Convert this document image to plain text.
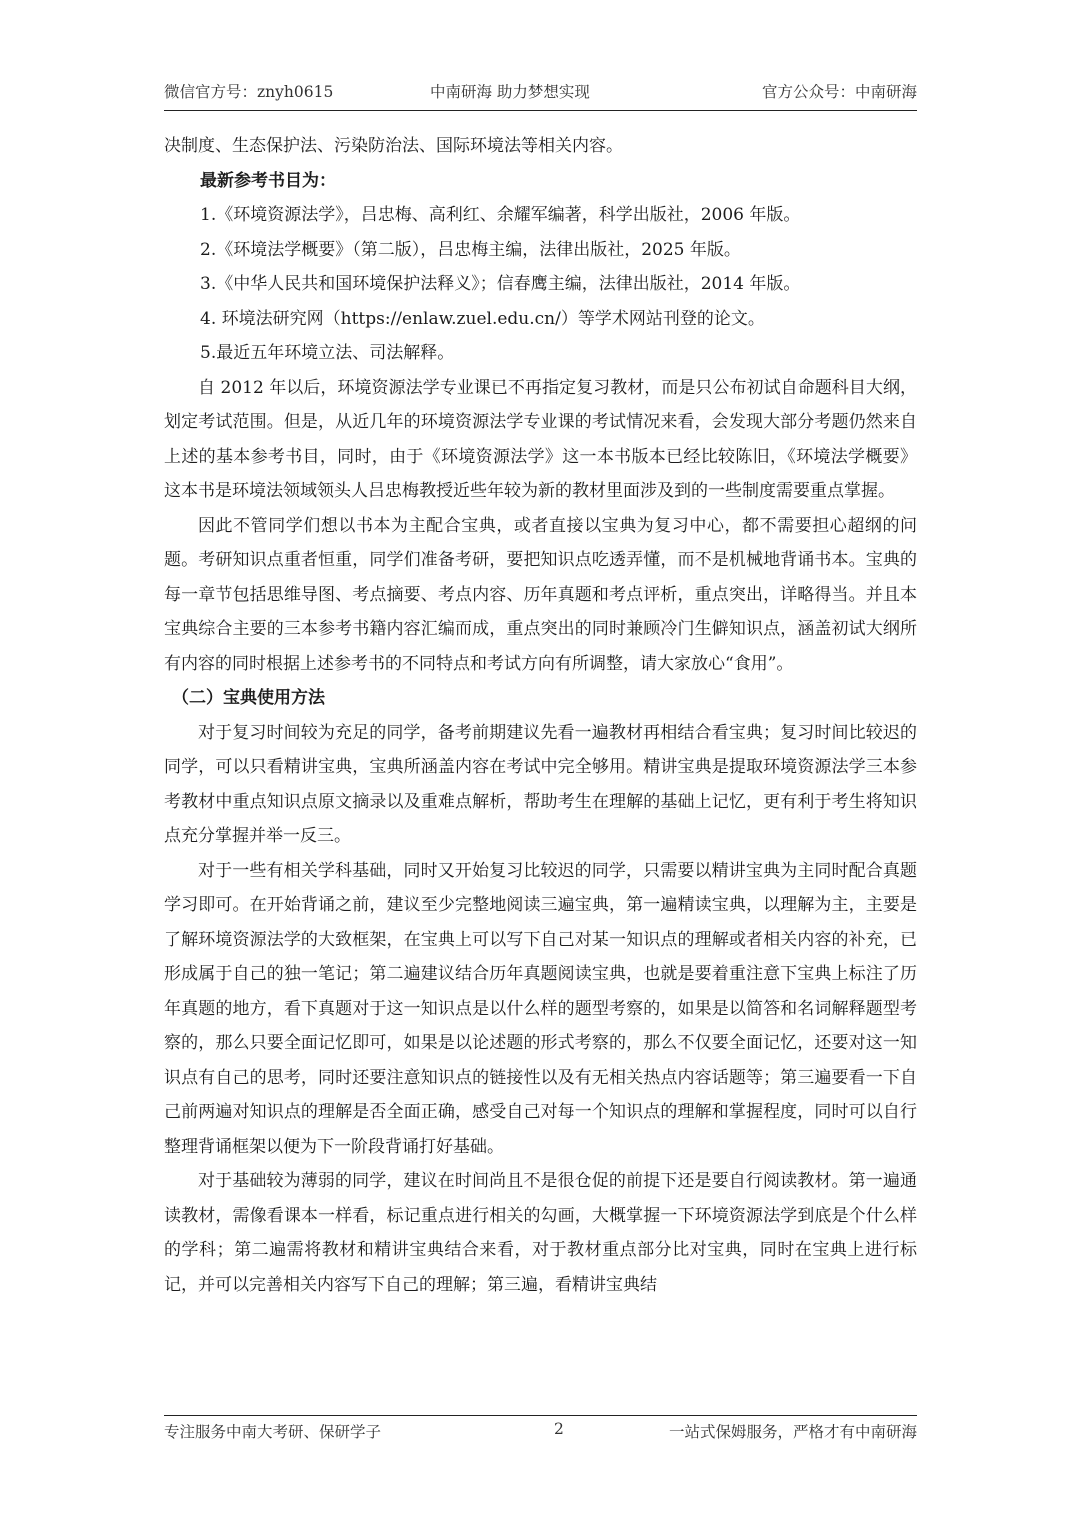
微信官方号：znyh0615	中南研海 助力梦想实现	官方公众号：中南研海

决制度、生态保护法、污染防治法、国际环境法等相关内容。

最新参考书目为：

1.《环境资源法学》，吕忠梅、高利红、余耀军编著，科学出版社，2006 年版。

2.《环境法学概要》（第二版），吕忠梅主编，法律出版社，2025 年版。

3.《中华人民共和国环境保护法释义》；信春鹰主编，法律出版社，2014 年版。

4. 环境法研究网（https://enlaw.zuel.edu.cn/）等学术网站刊登的论文。

5.最近五年环境立法、司法解释。

自 2012 年以后，环境资源法学专业课已不再指定复习教材，而是只公布初试自命题科目大纲，划定考试范围。但是，从近几年的环境资源法学专业课的考试情况来看，会发现大部分考题仍然来自上述的基本参考书目，同时，由于《环境资源法学》这一本书版本已经比较陈旧，《环境法学概要》这本书是环境法领域领头人吕忠梅教授近些年较为新的教材里面涉及到的一些制度需要重点掌握。

因此不管同学们想以书本为主配合宝典，或者直接以宝典为复习中心，都不需要担心超纲的问题。考研知识点重者恒重，同学们准备考研，要把知识点吃透弄懂，而不是机械地背诵书本。宝典的每一章节包括思维导图、考点摘要、考点内容、历年真题和考点评析，重点突出，详略得当。并且本宝典综合主要的三本参考书籍内容汇编而成，重点突出的同时兼顾冷门生僻知识点，涵盖初试大纲所有内容的同时根据上述参考书的不同特点和考试方向有所调整，请大家放心“食用”。

（二）宝典使用方法

对于复习时间较为充足的同学，备考前期建议先看一遍教材再相结合看宝典；复习时间比较迟的同学，可以只看精讲宝典，宝典所涵盖内容在考试中完全够用。精讲宝典是提取环境资源法学三本参考教材中重点知识点原文摘录以及重难点解析，帮助考生在理解的基础上记忆，更有利于考生将知识点充分掌握并举一反三。

对于一些有相关学科基础，同时又开始复习比较迟的同学，只需要以精讲宝典为主同时配合真题学习即可。在开始背诵之前，建议至少完整地阅读三遍宝典，第一遍精读宝典，以理解为主，主要是了解环境资源法学的大致框架，在宝典上可以写下自己对某一知识点的理解或者相关内容的补充，已形成属于自己的独一笔记；第二遍建议结合历年真题阅读宝典，也就是要着重注意下宝典上标注了历年真题的地方，看下真题对于这一知识点是以什么样的题型考察的，如果是以简答和名词解释题型考察的，那么只要全面记忆即可，如果是以论述题的形式考察的，那么不仅要全面记忆，还要对这一知识点有自己的思考，同时还要注意知识点的链接性以及有无相关热点内容话题等；第三遍要看一下自己前两遍对知识点的理解是否全面正确，感受自己对每一个知识点的理解和掌握程度，同时可以自行整理背诵框架以便为下一阶段背诵打好基础。

对于基础较为薄弱的同学，建议在时间尚且不是很仓促的前提下还是要自行阅读教材。第一遍通读教材，需像看课本一样看，标记重点进行相关的勾画，大概掌握一下环境资源法学到底是个什么样的学科；第二遍需将教材和精讲宝典结合来看，对于教材重点部分比对宝典，同时在宝典上进行标记，并可以完善相关内容写下自己的理解；第三遍，看精讲宝典结

专注服务中南大考研、保研学子	2	一站式保姆服务，严格才有中南研海
